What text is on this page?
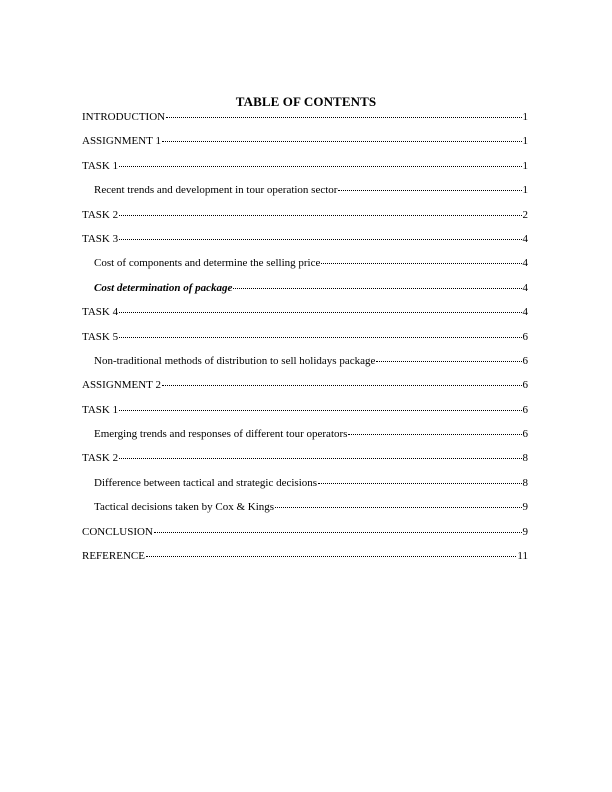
TABLE OF CONTENTS
INTRODUCTION	1
ASSIGNMENT 1	1
TASK 1	1
Recent trends and development in tour operation sector	1
TASK 2	2
TASK 3	4
Cost of components and determine the selling price	4
Cost determination of package	4
TASK 4	4
TASK 5	6
Non-traditional methods of distribution to sell holidays package	6
ASSIGNMENT 2	6
TASK 1	6
Emerging trends and responses of different tour operators	6
TASK 2	8
Difference between tactical and strategic decisions	8
Tactical decisions taken by Cox & Kings	9
CONCLUSION	9
REFERENCE	11
